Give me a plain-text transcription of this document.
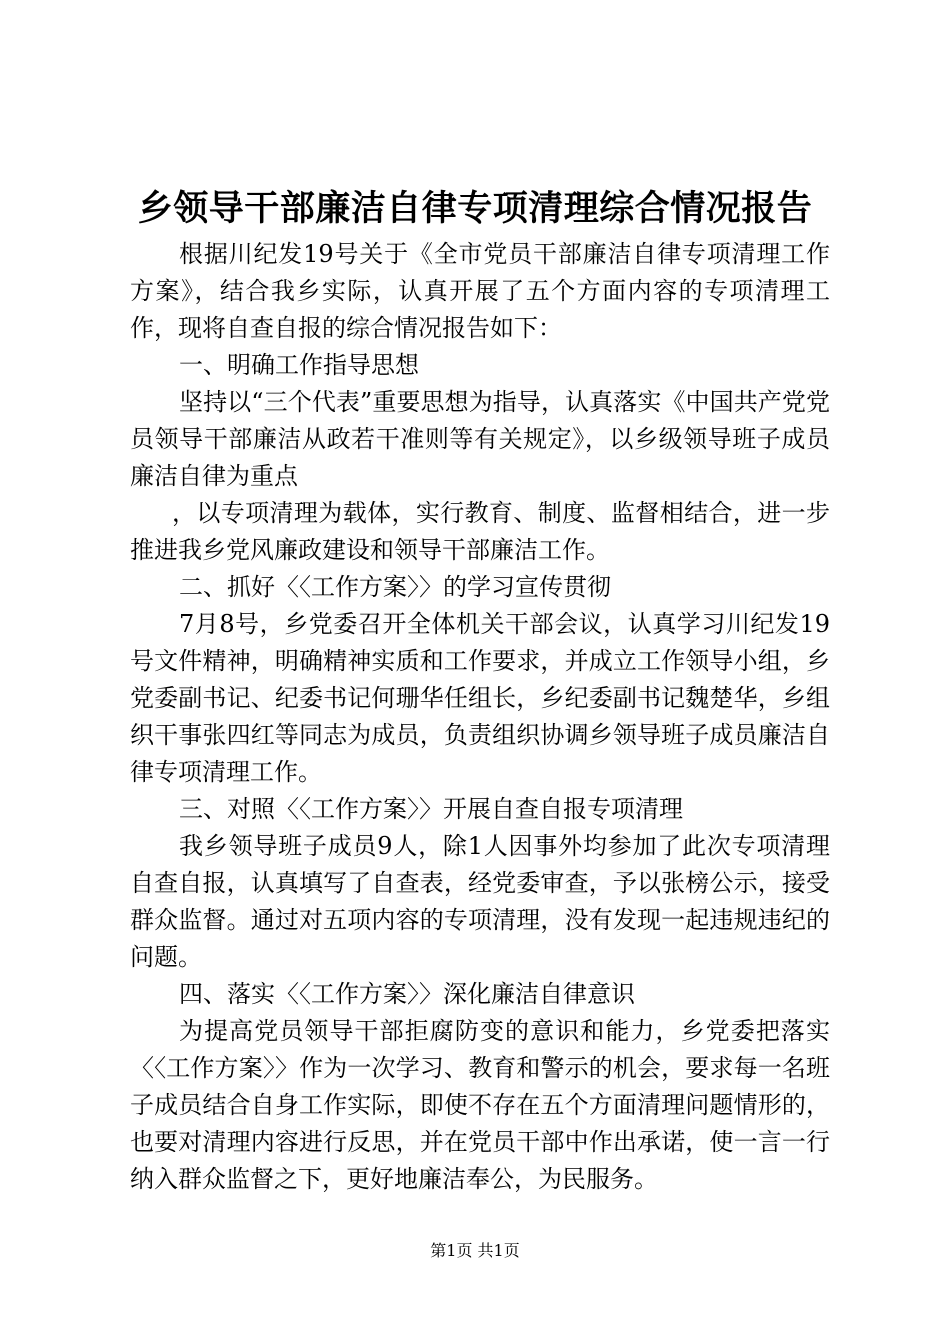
乡领导干部廉洁自律专项清理综合情况报告

根据川纪发19号关于《全市党员干部廉洁自律专项清理工作方案》，结合我乡实际，认真开展了五个方面内容的专项清理工作，现将自查自报的综合情况报告如下：

一、明确工作指导思想

坚持以“三个代表”重要思想为指导，认真落实《中国共产党党员领导干部廉洁从政若干准则等有关规定》，以乡级领导班子成员廉洁自律为重点

，以专项清理为载体，实行教育、制度、监督相结合，进一步推进我乡党风廉政建设和领导干部廉洁工作。

二、抓好〈〈工作方案〉〉的学习宣传贯彻

7月8号，乡党委召开全体机关干部会议，认真学习川纪发19号文件精神，明确精神实质和工作要求，并成立工作领导小组，乡党委副书记、纪委书记何珊华任组长，乡纪委副书记魏楚华，乡组织干事张四红等同志为成员，负责组织协调乡领导班子成员廉洁自律专项清理工作。

三、对照〈〈工作方案〉〉开展自查自报专项清理

我乡领导班子成员9人，除1人因事外均参加了此次专项清理自查自报，认真填写了自查表，经党委审查，予以张榜公示，接受群众监督。通过对五项内容的专项清理，没有发现一起违规违纪的问题。

四、落实〈〈工作方案〉〉深化廉洁自律意识

为提高党员领导干部拒腐防变的意识和能力，乡党委把落实〈〈工作方案〉〉作为一次学习、教育和警示的机会，要求每一名班子成员结合自身工作实际，即使不存在五个方面清理问题情形的，也要对清理内容进行反思，并在党员干部中作出承诺，使一言一行纳入群众监督之下，更好地廉洁奉公，为民服务。

第1页 共1页
